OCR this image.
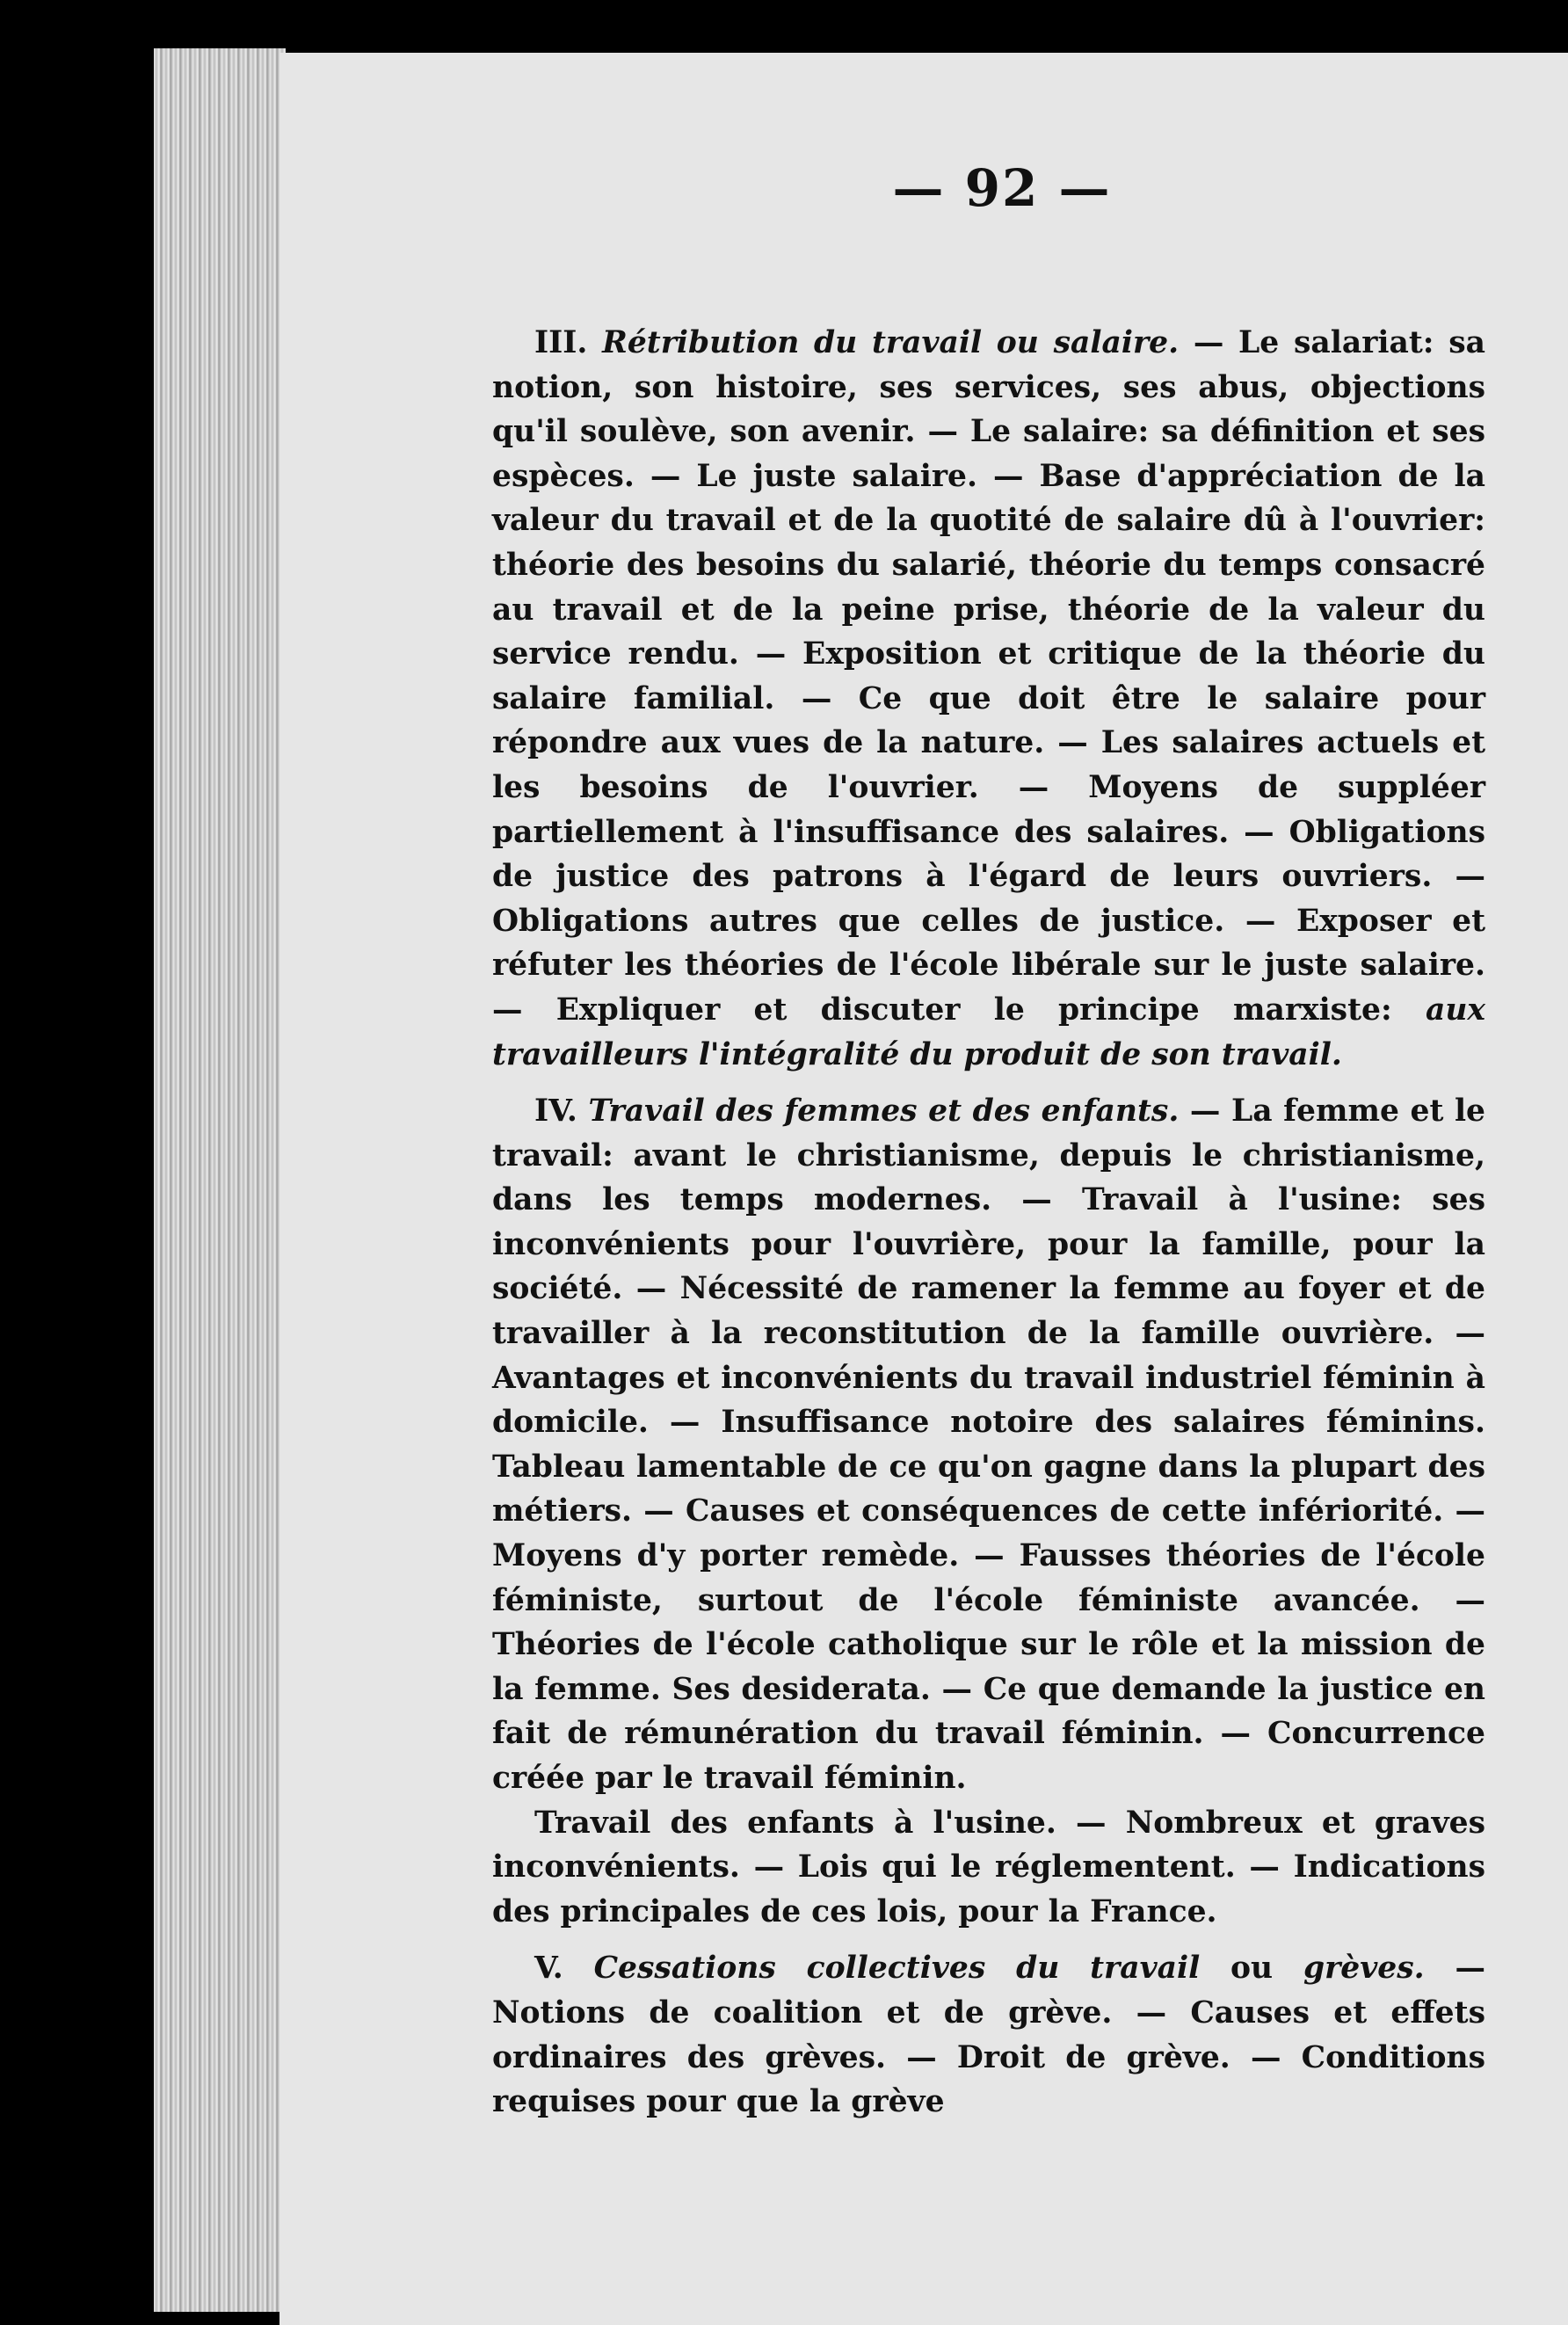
— 92 —

III. Rétribution du travail ou salaire. — Le salariat: sa notion, son histoire, ses services, ses abus, objections qu'il soulève, son avenir. — Le salaire: sa définition et ses espèces. — Le juste salaire. — Base d'appréciation de la valeur du travail et de la quotité de salaire dû à l'ouvrier: théorie des besoins du salarié, théorie du temps consacré au travail et de la peine prise, théorie de la valeur du service rendu. — Exposition et critique de la théorie du salaire familial. — Ce que doit être le salaire pour répondre aux vues de la nature. — Les salaires actuels et les besoins de l'ouvrier. — Moyens de suppléer partiellement à l'insuffisance des salaires. — Obligations de justice des patrons à l'égard de leurs ouvriers. — Obligations autres que celles de justice. — Exposer et réfuter les théories de l'école libérale sur le juste salaire. — Expliquer et discuter le principe marxiste: aux travailleurs l'intégralité du produit de son travail.

IV. Travail des femmes et des enfants. — La femme et le travail: avant le christianisme, depuis le christianisme, dans les temps modernes. — Travail à l'usine: ses inconvénients pour l'ouvrière, pour la famille, pour la société. — Nécessité de ramener la femme au foyer et de travailler à la reconstitution de la famille ouvrière. — Avantages et inconvénients du travail industriel féminin à domicile. — Insuffisance notoire des salaires féminins. Tableau lamentable de ce qu'on gagne dans la plupart des métiers. — Causes et conséquences de cette infériorité. — Moyens d'y porter remède. — Fausses théories de l'école féministe, surtout de l'école féministe avancée. — Théories de l'école catholique sur le rôle et la mission de la femme. Ses desiderata. — Ce que demande la justice en fait de rémunération du travail féminin. — Concurrence créée par le travail féminin.

Travail des enfants à l'usine. — Nombreux et graves inconvénients. — Lois qui le réglementent. — Indications des principales de ces lois, pour la France.

V. Cessations collectives du travail ou grèves. — Notions de coalition et de grève. — Causes et effets ordinaires des grèves. — Droit de grève. — Conditions requises pour que la grève
